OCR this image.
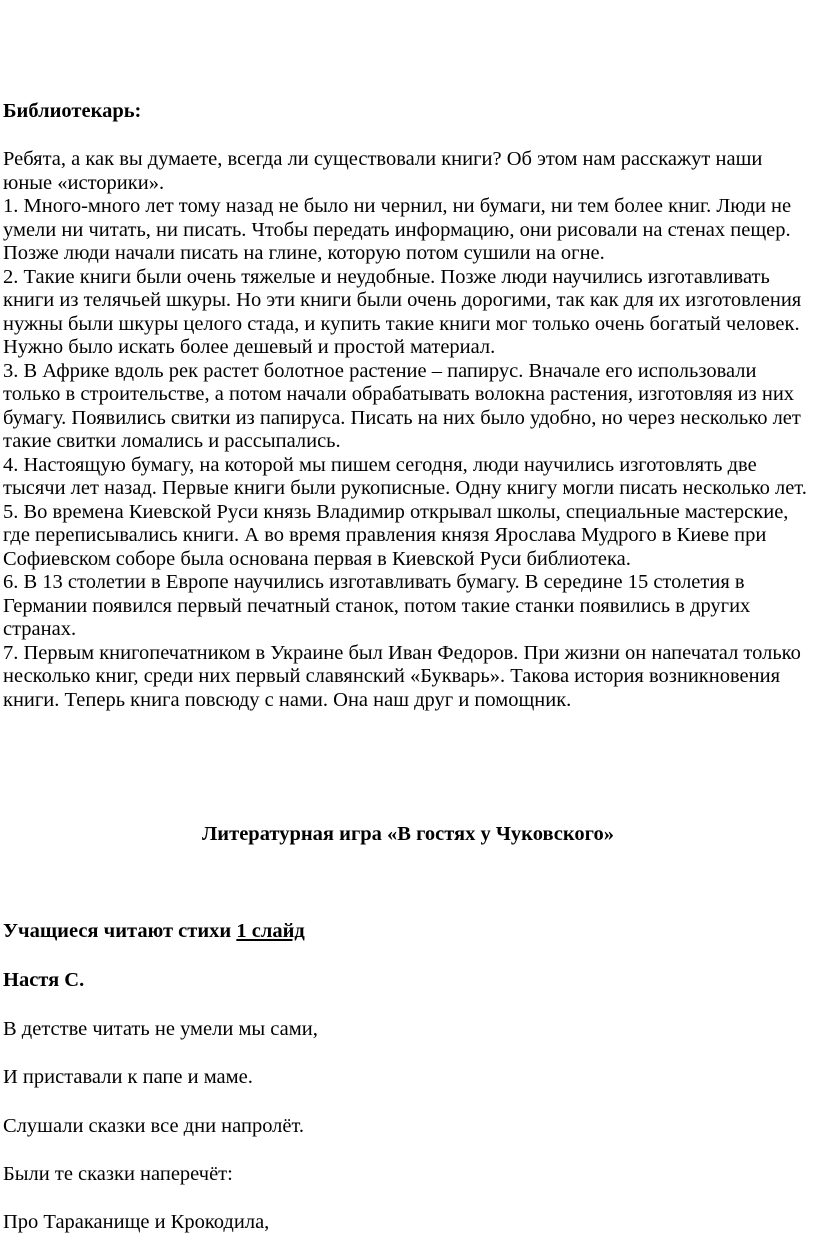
Библиотекарь:

Ребята, а как вы думаете, всегда ли существовали книги? Об этом нам расскажут наши юные «историки».

1. Много-много лет тому назад не было ни чернил, ни бумаги, ни тем более книг. Люди не умели ни читать, ни писать. Чтобы передать информацию, они рисовали на стенах пещер. Позже люди начали писать на глине, которую потом сушили на огне.

2. Такие книги были очень тяжелые и неудобные. Позже люди научились изготавливать книги из телячьей шкуры. Но эти книги были очень дорогими, так как для их изготовления нужны были шкуры целого стада, и купить такие книги мог только очень богатый человек. Нужно было искать более дешевый и простой материал.

3. В Африке вдоль рек растет болотное растение – папирус. Вначале его использовали только в строительстве, а потом начали обрабатывать волокна растения, изготовляя из них бумагу. Появились свитки из папируса. Писать на них было удобно, но через несколько лет такие свитки ломались и рассыпались.

4. Настоящую бумагу, на которой мы пишем сегодня, люди научились изготовлять две тысячи лет назад. Первые книги были рукописные. Одну книгу могли писать несколько лет.

5. Во времена Киевской Руси князь Владимир открывал школы, специальные мастерские, где переписывались книги. А во время правления князя Ярослава Мудрого в Киеве при Софиевском соборе была основана первая в Киевской Руси библиотека.

6. В 13 столетии в Европе научились изготавливать бумагу. В середине 15 столетия в Германии появился первый печатный станок, потом такие станки появились в других странах.

7. Первым книгопечатником в Украине был Иван Федоров. При жизни он напечатал только несколько книг, среди них первый славянский «Букварь». Такова история возникновения книги. Теперь книга повсюду с нами. Она наш друг и помощник.

Литературная игра «В гостях у Чуковского»

Учащиеся читают стихи 1 слайд

Настя С.

В детстве читать не умели мы сами,

И приставали к папе и маме.

Слушали сказки все дни напролёт.

Были те сказки наперечёт:

Про Тараканище и Крокодила,
